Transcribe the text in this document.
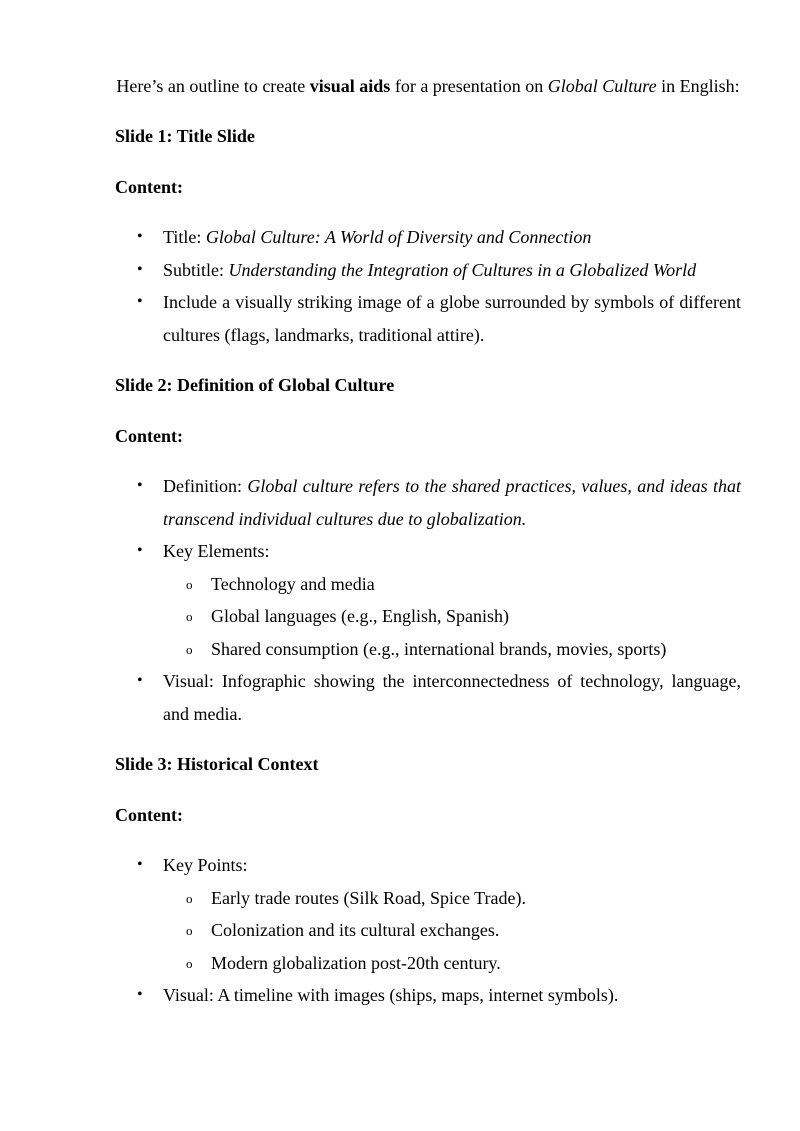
Here’s an outline to create visual aids for a presentation on Global Culture in English:

Slide 1: Title Slide
Content:
• Title: Global Culture: A World of Diversity and Connection
• Subtitle: Understanding the Integration of Cultures in a Globalized World
• Include a visually striking image of a globe surrounded by symbols of different cultures (flags, landmarks, traditional attire).
Slide 2: Definition of Global Culture
Content:
• Definition: Global culture refers to the shared practices, values, and ideas that transcend individual cultures due to globalization.
• Key Elements:
o Technology and media
o Global languages (e.g., English, Spanish)
o Shared consumption (e.g., international brands, movies, sports)
• Visual: Infographic showing the interconnectedness of technology, language, and media.
Slide 3: Historical Context
Content:
• Key Points:
o Early trade routes (Silk Road, Spice Trade).
o Colonization and its cultural exchanges.
o Modern globalization post-20th century.
• Visual: A timeline with images (ships, maps, internet symbols).
